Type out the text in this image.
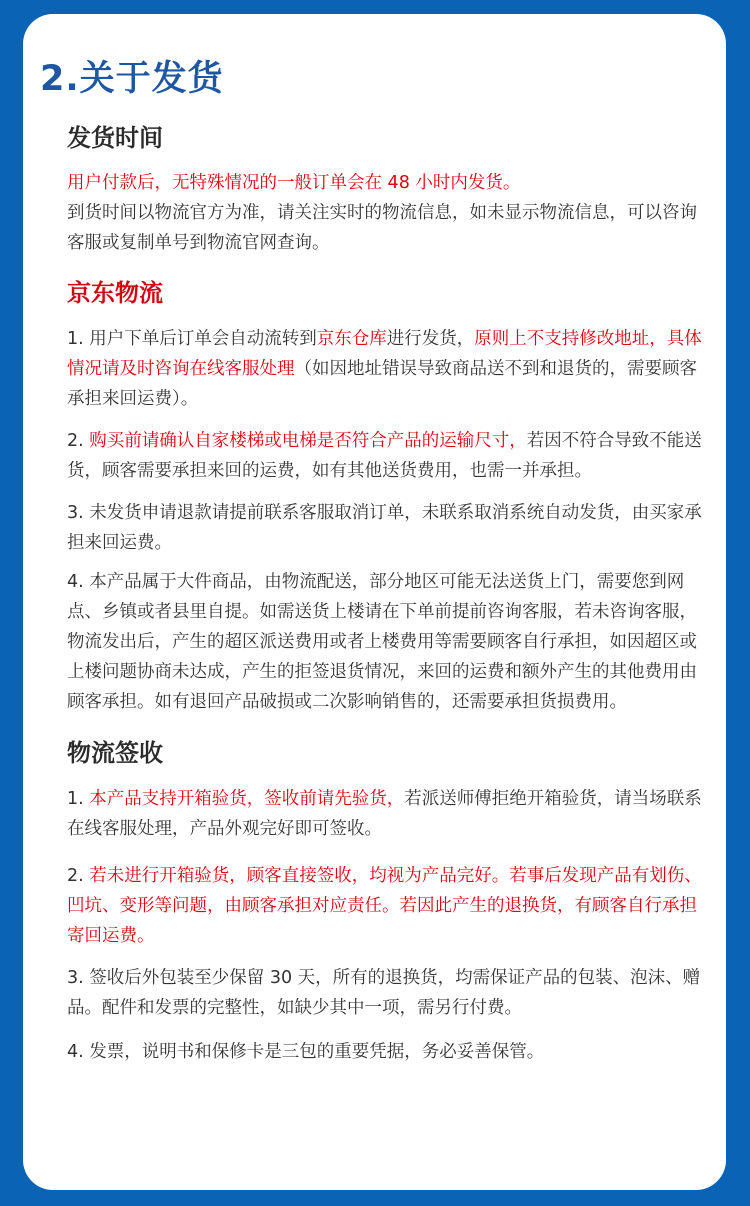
2.关于发货
发货时间
用户付款后，无特殊情况的一般订单会在 48 小时内发货。
到货时间以物流官方为准，请关注实时的物流信息，如未显示物流信息，可以咨询客服或复制单号到物流官网查询。
京东物流
1. 用户下单后订单会自动流转到京东仓库进行发货，原则上不支持修改地址，具体情况请及时咨询在线客服处理（如因地址错误导致商品送不到和退货的，需要顾客承担来回运费）。
2. 购买前请确认自家楼梯或电梯是否符合产品的运输尺寸，若因不符合导致不能送货，顾客需要承担来回的运费，如有其他送货费用，也需一并承担。
3. 未发货申请退款请提前联系客服取消订单，未联系取消系统自动发货，由买家承担来回运费。
4. 本产品属于大件商品，由物流配送，部分地区可能无法送货上门，需要您到网点、乡镇或者县里自提。如需送货上楼请在下单前提前咨询客服，若未咨询客服，物流发出后，产生的超区派送费用或者上楼费用等需要顾客自行承担，如因超区或上楼问题协商未达成，产生的拒签退货情况，来回的运费和额外产生的其他费用由顾客承担。如有退回产品破损或二次影响销售的，还需要承担货损费用。
物流签收
1. 本产品支持开箱验货，签收前请先验货，若派送师傅拒绝开箱验货，请当场联系在线客服处理，产品外观完好即可签收。
2. 若未进行开箱验货，顾客直接签收，均视为产品完好。若事后发现产品有划伤、凹坑、变形等问题，由顾客承担对应责任。若因此产生的退换货，有顾客自行承担寄回运费。
3. 签收后外包装至少保留 30 天，所有的退换货，均需保证产品的包装、泡沫、赠品。配件和发票的完整性，如缺少其中一项，需另行付费。
4. 发票，说明书和保修卡是三包的重要凭据，务必妥善保管。
